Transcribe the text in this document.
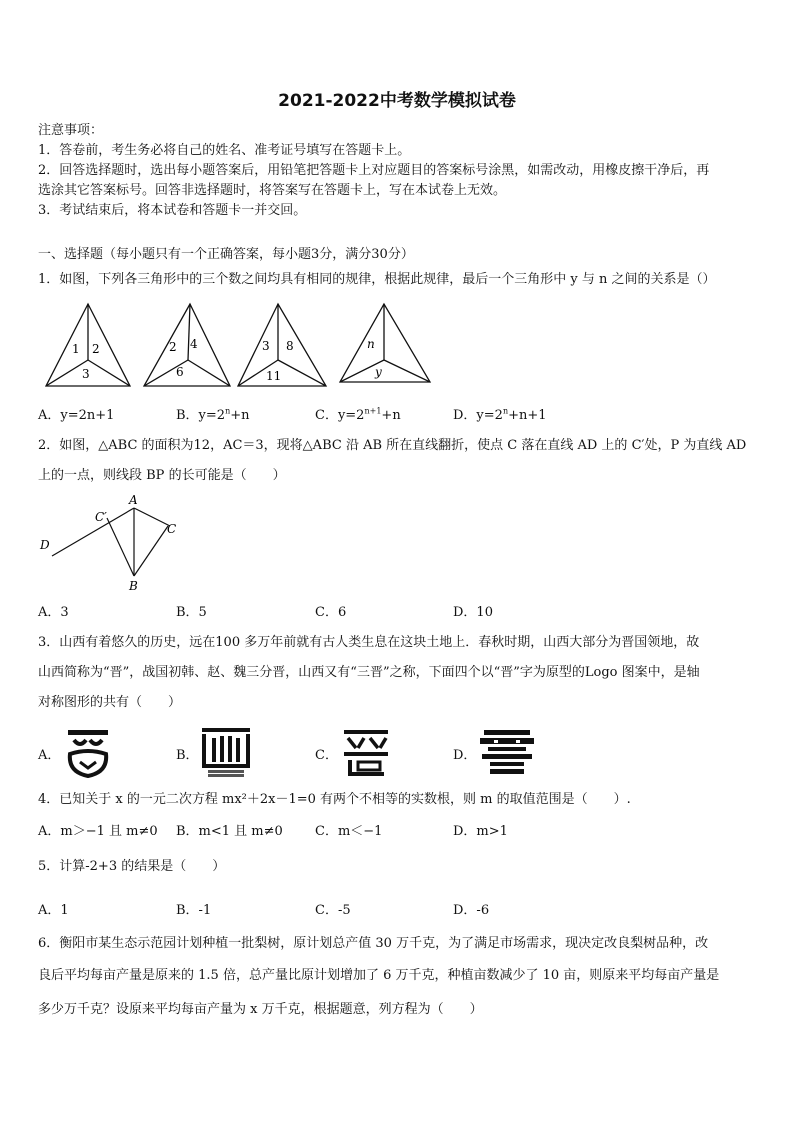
2021-2022中考数学模拟试卷
注意事项：
1．答卷前，考生务必将自己的姓名、准考证号填写在答题卡上。
2．回答选择题时，选出每小题答案后，用铅笔把答题卡上对应题目的答案标号涂黑，如需改动，用橡皮擦干净后，再
选涂其它答案标号。回答非选择题时，将答案写在答题卡上，写在本试卷上无效。
3．考试结束后，将本试卷和答题卡一并交回。
一、选择题（每小题只有一个正确答案，每小题3分，满分30分）
1．如图，下列各三角形中的三个数之间均具有相同的规律，根据此规律，最后一个三角形中 y 与 n 之间的关系是（）
1 2
3
2 4
6
3 8
11
n
y
A．y=2n+1	B．$y=2^n+n$	C．$y=2^{n+1}+n$	D．$y=2^n+n+1$
2．如图，△ABC 的面积为12，AC＝3，现将△ABC 沿 AB 所在直线翻折，使点 C 落在直线 AD 上的 C′处，P 为直线 AD
上的一点，则线段 BP 的长可能是（　　）
A
C
C′
D
B
A．3	B．5	C．6	D．10
3．山西有着悠久的历史，远在100 多万年前就有古人类生息在这块土地上．春秋时期，山西大部分为晋国领地，故
山西简称为“晋”，战国初韩、赵、魏三分晋，山西又有“三晋”之称，下面四个以“晋”字为原型的Logo 图案中，是轴
对称图形的共有（　　）
A．	B．	C．	D．
4．已知关于 x 的一元二次方程 mx²＋2x－1=0 有两个不相等的实数根，则 m 的取值范围是（　　）.
A．m＞−1 且 m≠0 B．m<1 且 m≠0 C．m＜−1	D．m>1
5．计算-2+3 的结果是（　　）
A．1	B．-1	C．-5	D．-6
6．衡阳市某生态示范园计划种植一批梨树，原计划总产值 30 万千克，为了满足市场需求，现决定改良梨树品种，改
良后平均每亩产量是原来的 1.5 倍，总产量比原计划增加了 6 万千克，种植亩数减少了 10 亩，则原来平均每亩产量是
多少万千克？设原来平均每亩产量为 x 万千克，根据题意，列方程为（　　）
